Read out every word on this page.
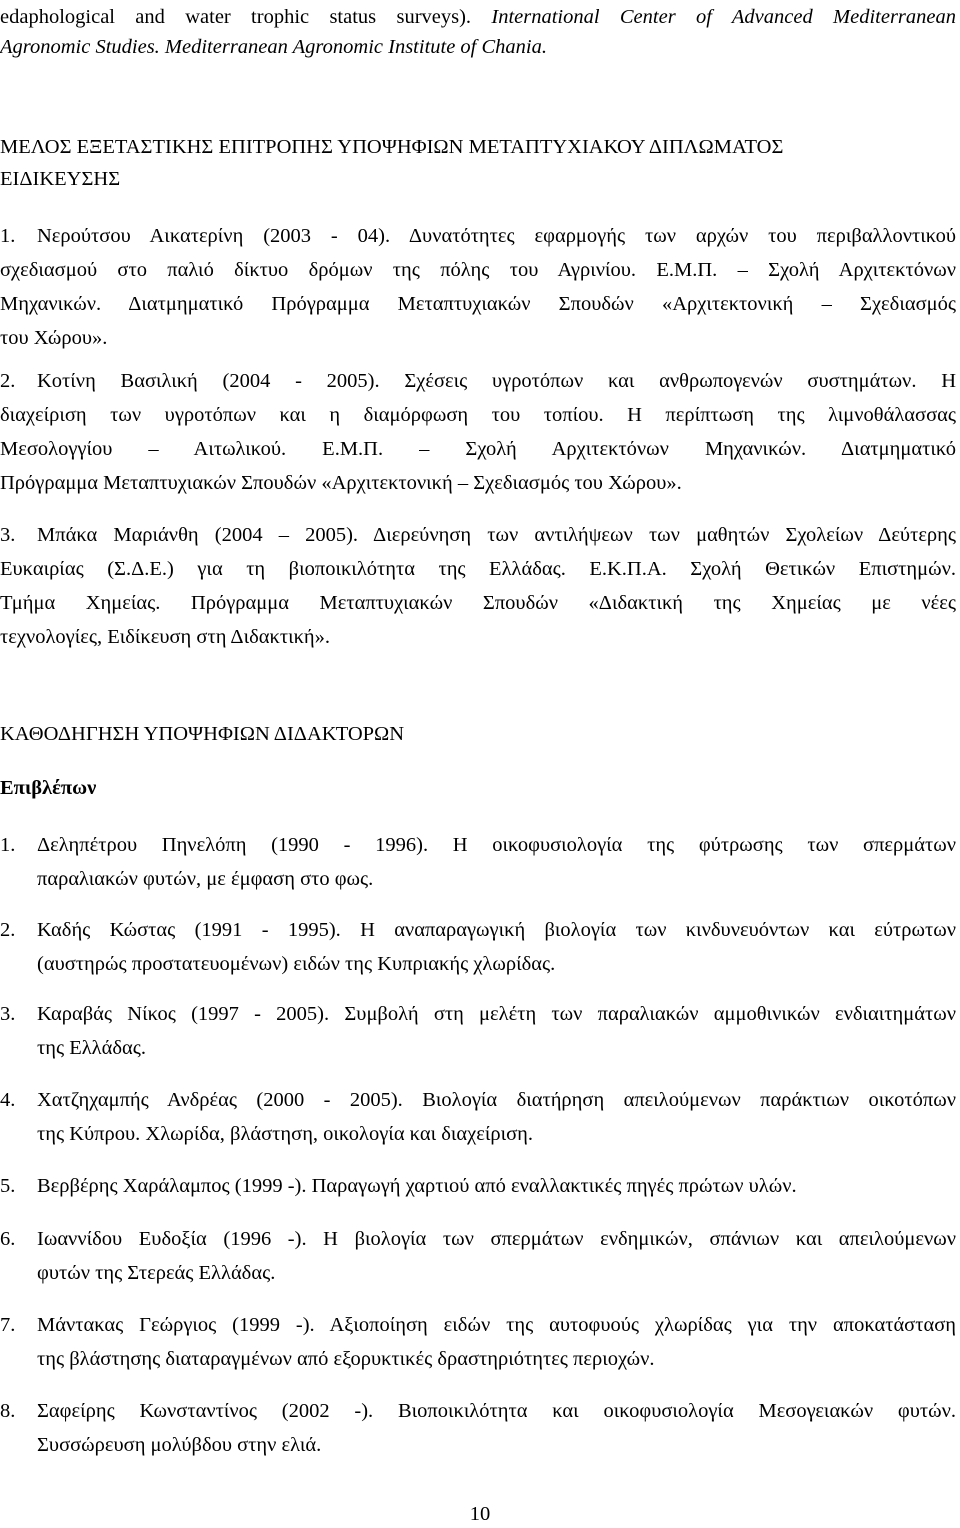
edaphological and water trophic status surveys). International Center of Advanced Mediterranean
Agronomic Studies. Mediterranean Agronomic Institute of Chania.
ΜΕΛΟΣ ΕΞΕΤΑΣΤΙΚΗΣ ΕΠΙΤΡΟΠΗΣ ΥΠΟΨΗΦΙΩΝ ΜΕΤΑΠΤΥΧΙΑΚΟΥ ΔΙΠΛΩΜΑΤΟΣ
ΕΙΔΙΚΕΥΣΗΣ
1. Νερούτσου Αικατερίνη (2003 - 04). Δυνατότητες εφαρμογής των αρχών του περιβαλλοντικού
σχεδιασμού στο παλιό δίκτυο δρόμων της πόλης του Αγρινίου. Ε.Μ.Π. – Σχολή Αρχιτεκτόνων
Μηχανικών. Διατμηματικό Πρόγραμμα Μεταπτυχιακών Σπουδών «Αρχιτεκτονική – Σχεδιασμός
του Χώρου».
2. Κοτίνη Βασιλική (2004 - 2005). Σχέσεις υγροτόπων και ανθρωπογενών συστημάτων. Η
διαχείριση των υγροτόπων και η διαμόρφωση του τοπίου. Η περίπτωση της λιμνοθάλασσας
Μεσολογγίου – Αιτωλικού. Ε.Μ.Π. – Σχολή Αρχιτεκτόνων Μηχανικών. Διατμηματικό
Πρόγραμμα Μεταπτυχιακών Σπουδών «Αρχιτεκτονική – Σχεδιασμός του Χώρου».
3. Μπάκα Μαριάνθη (2004 – 2005). Διερεύνηση των αντιλήψεων των μαθητών Σχολείων Δεύτερης
Ευκαιρίας (Σ.Δ.Ε.) για τη βιοποικιλότητα της Ελλάδας. Ε.Κ.Π.Α. Σχολή Θετικών Επιστημών.
Τμήμα Χημείας. Πρόγραμμα Μεταπτυχιακών Σπουδών «Διδακτική της Χημείας με νέες
τεχνολογίες, Ειδίκευση στη Διδακτική».
ΚΑΘΟΔΗΓΗΣΗ ΥΠΟΨΗΦΙΩΝ ΔΙΔΑΚΤΟΡΩΝ
Επιβλέπων
1. Δεληπέτρου Πηνελόπη (1990 - 1996). Η οικοφυσιολογία της φύτρωσης των σπερμάτων
παραλιακών φυτών, με έμφαση στο φως.
2. Καδής Κώστας (1991 - 1995). Η αναπαραγωγική βιολογία των κινδυνευόντων και εύτρωτων
(αυστηρώς προστατευομένων) ειδών της Κυπριακής χλωρίδας.
3. Καραβάς Νίκος (1997 - 2005). Συμβολή στη μελέτη των παραλιακών αμμοθινικών ενδιαιτημάτων
της Ελλάδας.
4. Χατζηχαμπής Ανδρέας (2000 - 2005). Βιολογία διατήρηση απειλούμενων παράκτιων οικοτόπων
της Κύπρου. Χλωρίδα, βλάστηση, οικολογία και διαχείριση.
5. Βερβέρης Χαράλαμπος (1999 -). Παραγωγή χαρτιού από εναλλακτικές πηγές πρώτων υλών.
6. Ιωαννίδου Ευδοξία (1996 -). Η βιολογία των σπερμάτων ενδημικών, σπάνιων και απειλούμενων
φυτών της Στερεάς Ελλάδας.
7. Μάντακας Γεώργιος (1999 -). Αξιοποίηση ειδών της αυτοφυούς χλωρίδας για την αποκατάσταση
της βλάστησης διαταραγμένων από εξορυκτικές δραστηριότητες περιοχών.
8. Σαφείρης Κωνσταντίνος (2002 -). Βιοποικιλότητα και οικοφυσιολογία Μεσογειακών φυτών.
Συσσώρευση μολύβδου στην ελιά.
10
